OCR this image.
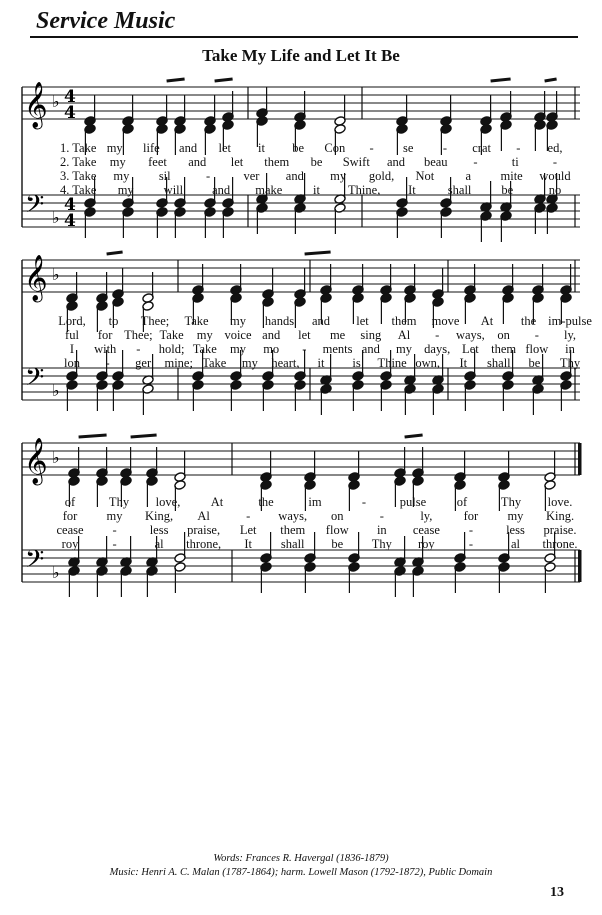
Service Music
Take My Life and Let It Be
𝄞
𝄢
♭
♭
4
4
4
4
𝄞
𝄢
♭
♭
𝄞
𝄢
♭
♭
1. Take my life and let it be Con - se - crat - ed,
2. Take my feet and let them be Swift and beau -	ti	-
3. Take my sil	-	ver and my gold, Not a mite would
4. Take my will and make it Thine, It	shall be	no
Lord, to Thee; Take my hands and let them move At the im-pulse
ful for Thee; Take my voice and let me sing Al - ways, on - ly,
I with - hold; Take my mo - ments and my days, Let them flow in
lon - ger mine; Take my heart, it is Thine own, It shall be Thy
of	Thy love, At	the	im	-	pulse of	Thy love.
for my King, Al	- ways, on	-	ly, for my King.
cease -	less praise, Let them flow in cease -	less praise.
roy	-	al throne, It shall be Thy roy	-	al throne.
Words: Frances R. Havergal (1836-1879)
Music: Henri A. C. Malan (1787-1864); harm. Lowell Mason (1792-1872), Public Domain
13
